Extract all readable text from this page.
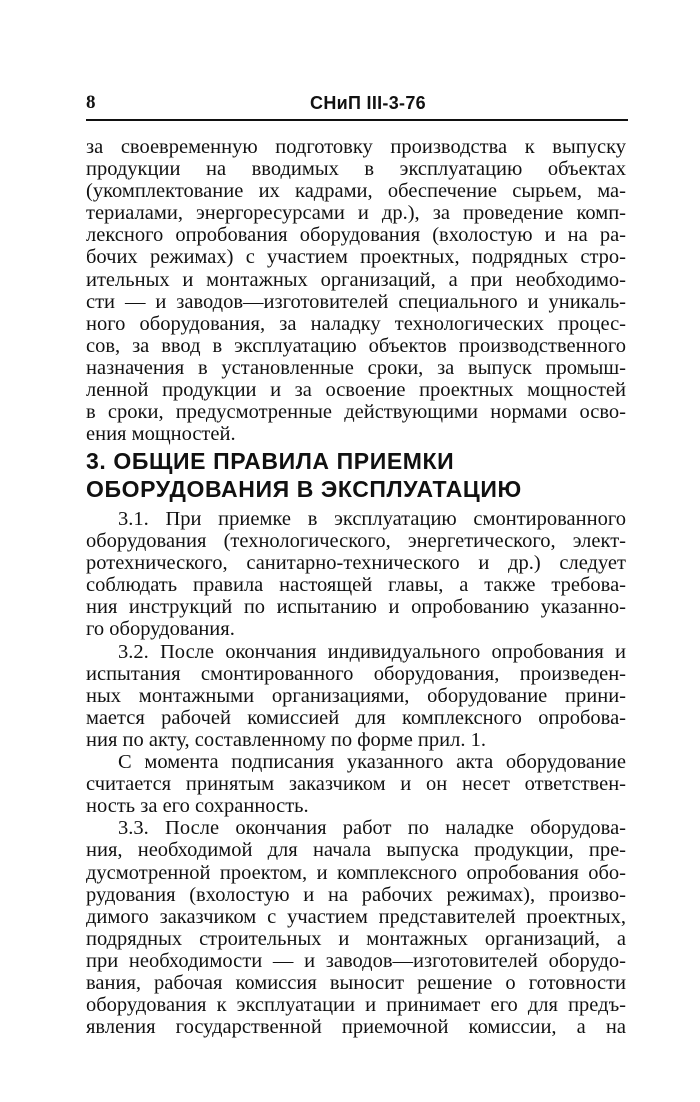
8	СНиП III-3-76

за своевременную подготовку производства к выпуску

продукции на вводимых в эксплуатацию объектах

(укомплектование их кадрами, обеспечение сырьем, ма-

териалами, энергоресурсами и др.), за проведение комп-

лексного опробования оборудования (вхолостую и на ра-

бочих режимах) с участием проектных, подрядных стро-

ительных и монтажных организаций, а при необходимо-

сти — и заводов—изготовителей специального и уникаль-

ного оборудования, за наладку технологических процес-

сов, за ввод в эксплуатацию объектов производственного

назначения в установленные сроки, за выпуск промыш-

ленной продукции и за освоение проектных мощностей

в сроки, предусмотренные действующими нормами осво-

ения мощностей.

3. ОБЩИЕ ПРАВИЛА ПРИЕМКИ
ОБОРУДОВАНИЯ В ЭКСПЛУАТАЦИЮ

3.1. При приемке в эксплуатацию смонтированного

оборудования (технологического, энергетического, элект-

ротехнического, санитарно-технического и др.) следует

соблюдать правила настоящей главы, а также требова-

ния инструкций по испытанию и опробованию указанно-

го оборудования.

3.2. После окончания индивидуального опробования и

испытания смонтированного оборудования, произведен-

ных монтажными организациями, оборудование прини-

мается рабочей комиссией для комплексного опробова-

ния по акту, составленному по форме прил. 1.

С момента подписания указанного акта оборудование

считается принятым заказчиком и он несет ответствен-

ность за его сохранность.

3.3. После окончания работ по наладке оборудова-

ния, необходимой для начала выпуска продукции, пре-

дусмотренной проектом, и комплексного опробования обо-

рудования (вхолостую и на рабочих режимах), произво-

димого заказчиком с участием представителей проектных,

подрядных строительных и монтажных организаций, а

при необходимости — и заводов—изготовителей оборудо-

вания, рабочая комиссия выносит решение о готовности

оборудования к эксплуатации и принимает его для предъ-

явления государственной приемочной комиссии, а на
